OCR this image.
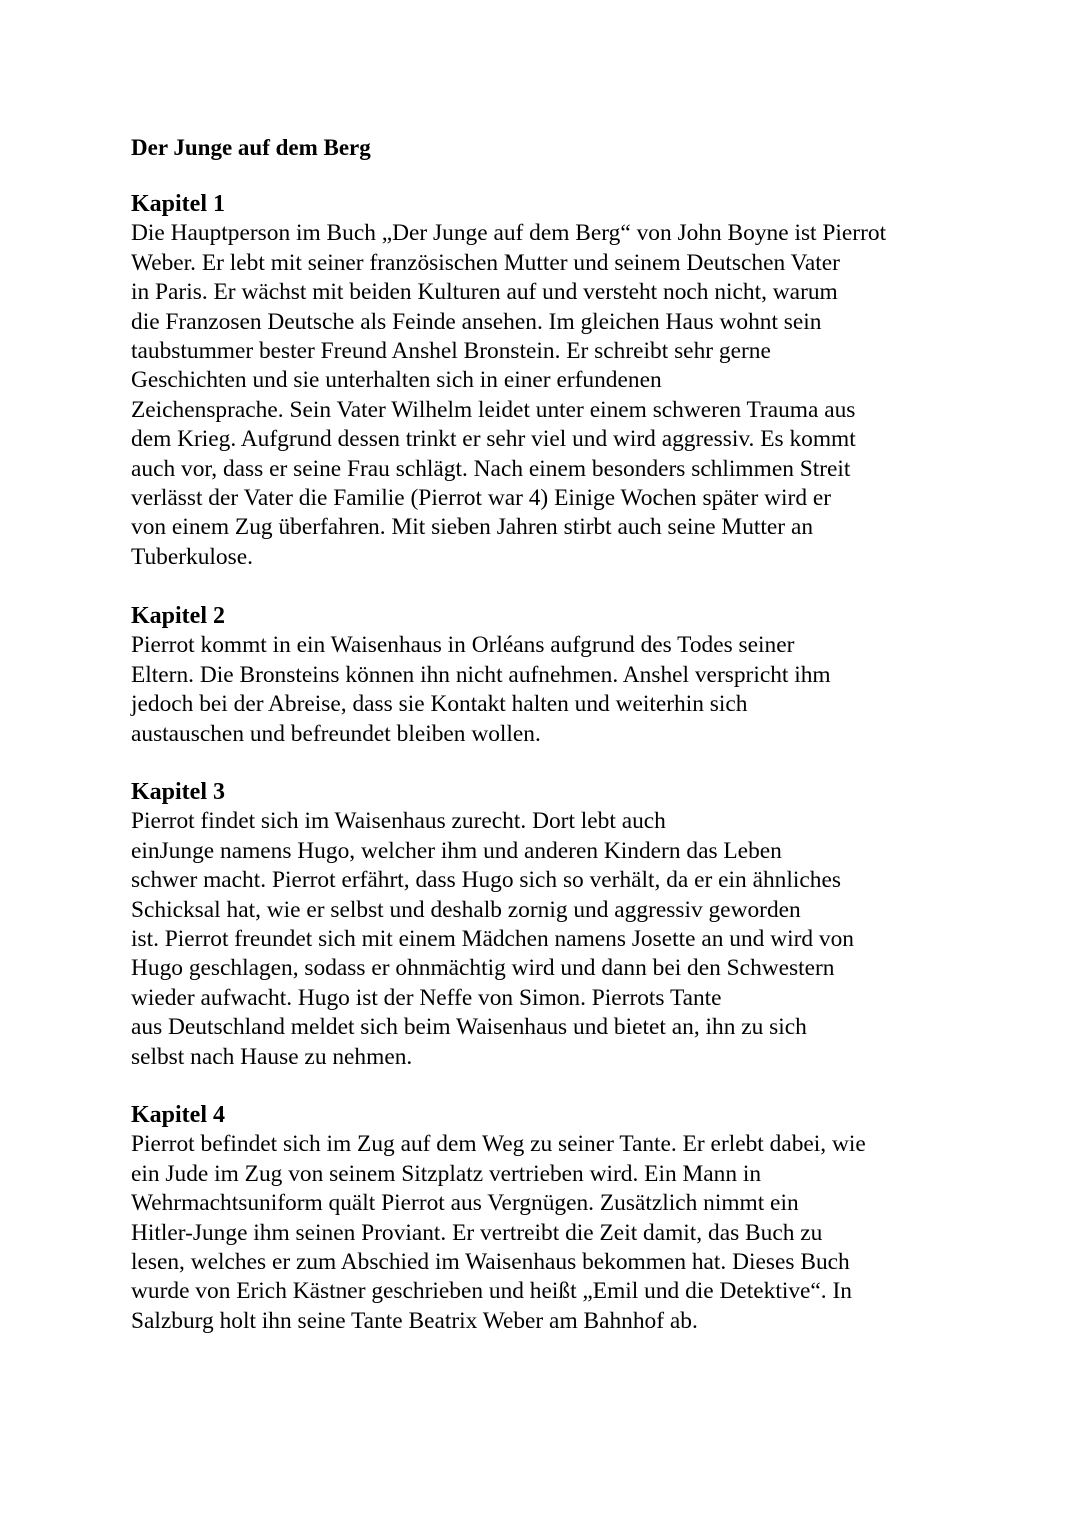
Der Junge auf dem Berg
Kapitel 1

Die Hauptperson im Buch „Der Junge auf dem Berg“ von John Boyne ist Pierrot
Weber. Er lebt mit seiner französischen Mutter und seinem Deutschen Vater
in Paris. Er wächst mit beiden Kulturen auf und versteht noch nicht, warum
die Franzosen Deutsche als Feinde ansehen. Im gleichen Haus wohnt sein
taubstummer bester Freund Anshel Bronstein. Er schreibt sehr gerne
Geschichten und sie unterhalten sich in einer erfundenen
Zeichensprache. Sein Vater Wilhelm leidet unter einem schweren Trauma aus
dem Krieg. Aufgrund dessen trinkt er sehr viel und wird aggressiv. Es kommt
auch vor, dass er seine Frau schlägt. Nach einem besonders schlimmen Streit
verlässt der Vater die Familie (Pierrot war 4) Einige Wochen später wird er
von einem Zug überfahren. Mit sieben Jahren stirbt auch seine Mutter an
Tuberkulose.

Kapitel 2

Pierrot kommt in ein Waisenhaus in Orléans aufgrund des Todes seiner
Eltern. Die Bronsteins können ihn nicht aufnehmen. Anshel verspricht ihm
jedoch bei der Abreise, dass sie Kontakt halten und weiterhin sich
austauschen und befreundet bleiben wollen.

Kapitel 3

Pierrot findet sich im Waisenhaus zurecht. Dort lebt auch
einJunge namens Hugo, welcher ihm und anderen Kindern das Leben
schwer macht. Pierrot erfährt, dass Hugo sich so verhält, da er ein ähnliches
Schicksal hat, wie er selbst und deshalb zornig und aggressiv geworden
ist. Pierrot freundet sich mit einem Mädchen namens Josette an und wird von
Hugo geschlagen, sodass er ohnmächtig wird und dann bei den Schwestern
wieder aufwacht. Hugo ist der Neffe von Simon. Pierrots Tante
aus Deutschland meldet sich beim Waisenhaus und bietet an, ihn zu sich
selbst nach Hause zu nehmen.

Kapitel 4

Pierrot befindet sich im Zug auf dem Weg zu seiner Tante. Er erlebt dabei, wie
ein Jude im Zug von seinem Sitzplatz vertrieben wird. Ein Mann in
Wehrmachtsuniform quält Pierrot aus Vergnügen. Zusätzlich nimmt ein
Hitler-Junge ihm seinen Proviant. Er vertreibt die Zeit damit, das Buch zu
lesen, welches er zum Abschied im Waisenhaus bekommen hat. Dieses Buch
wurde von Erich Kästner geschrieben und heißt „Emil und die Detektive“. In
Salzburg holt ihn seine Tante Beatrix Weber am Bahnhof ab.
